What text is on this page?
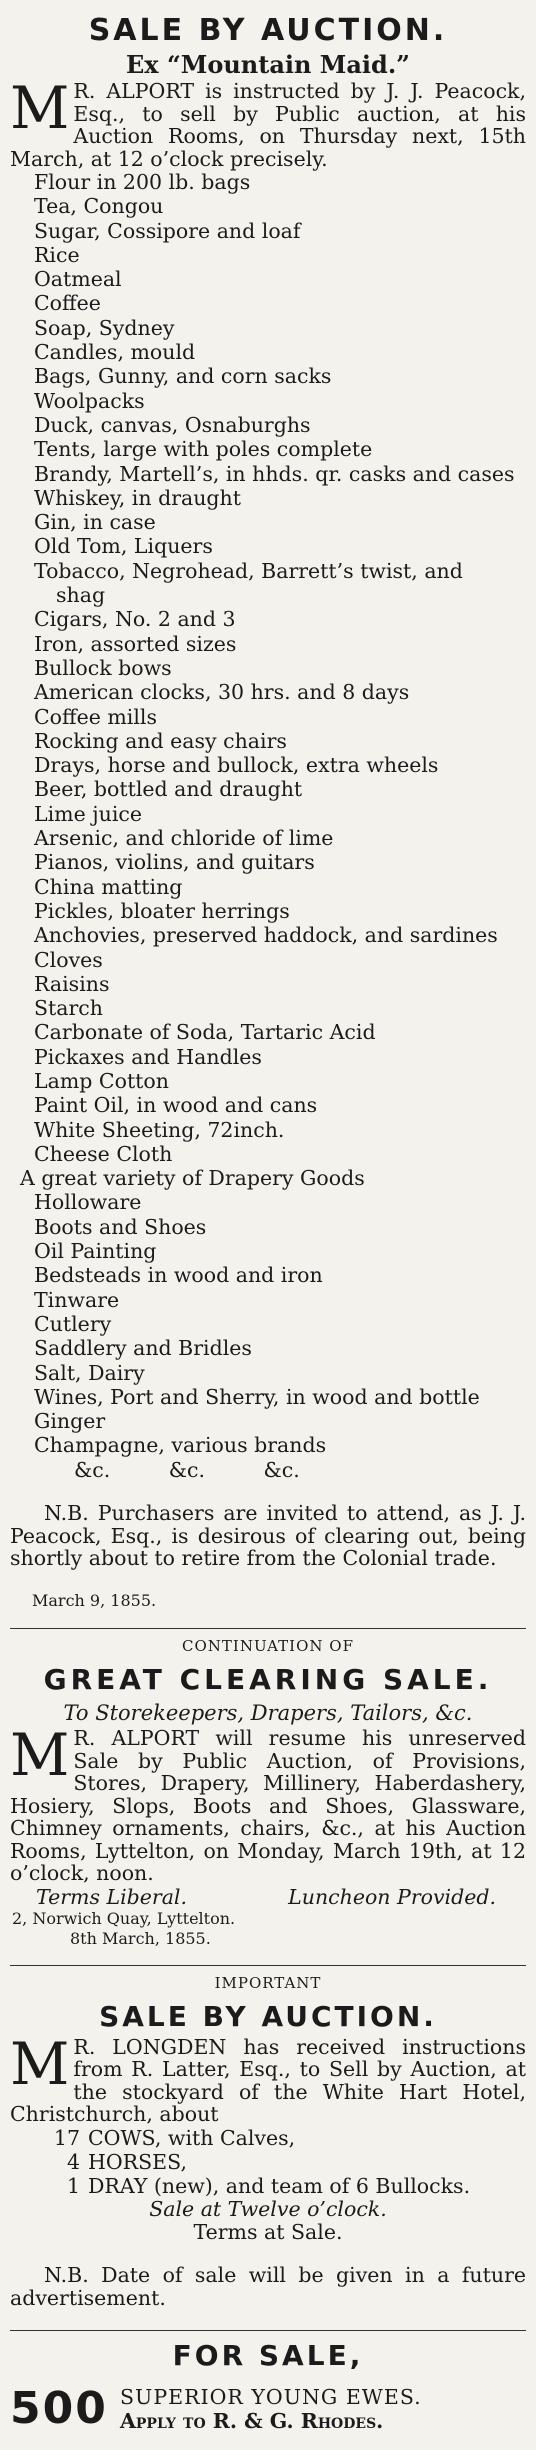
SALE BY AUCTION.
Ex “Mountain Maid.”

M R. ALPORT is instructed by J. J. Peacock, Esq., to sell by Public auction, at his Auction Rooms, on Thursday next, 15th March, at 12 o’clock precisely.

Flour in 200 lb. bags
Tea, Congou
Sugar, Cossipore and loaf
Rice
Oatmeal
Coffee
Soap, Sydney
Candles, mould
Bags, Gunny, and corn sacks
Woolpacks
Duck, canvas, Osnaburghs
Tents, large with poles complete
Brandy, Martell’s, in hhds. qr. casks and cases
Whiskey, in draught
Gin, in case
Old Tom, Liquers
Tobacco, Negrohead, Barrett’s twist, and
shag
Cigars, No. 2 and 3
Iron, assorted sizes
Bullock bows
American clocks, 30 hrs. and 8 days
Coffee mills
Rocking and easy chairs
Drays, horse and bullock, extra wheels
Beer, bottled and draught
Lime juice
Arsenic, and chloride of lime
Pianos, violins, and guitars
China matting
Pickles, bloater herrings
Anchovies, preserved haddock, and sardines
Cloves
Raisins
Starch
Carbonate of Soda, Tartaric Acid
Pickaxes and Handles
Lamp Cotton
Paint Oil, in wood and cans
White Sheeting, 72inch.
Cheese Cloth
A great variety of Drapery Goods
Holloware
Boots and Shoes
Oil Painting
Bedsteads in wood and iron
Tinware
Cutlery
Saddlery and Bridles
Salt, Dairy
Wines, Port and Sherry, in wood and bottle
Ginger
Champagne, various brands
&c. &c. &c.

N.B. Purchasers are invited to attend, as J. J. Peacock, Esq., is desirous of clearing out, being shortly about to retire from the Colonial trade.

March 9, 1855.
CONTINUATION OF
GREAT CLEARING SALE.
To Storekeepers, Drapers, Tailors, &c.

M R. ALPORT will resume his unreserved Sale by Public Auction, of Provisions, Stores, Drapery, Millinery, Haberdashery, Hosiery, Slops, Boots and Shoes, Glassware, Chimney ornaments, chairs, &c., at his Auction Rooms, Lyttelton, on Monday, March 19th, at 12 o’clock, noon.

Terms Liberal.	Luncheon Provided.
2, Norwich Quay, Lyttelton.
8th March, 1855.
IMPORTANT
SALE BY AUCTION.

M R. LONGDEN has received instructions from R. Latter, Esq., to Sell by Auction, at the stockyard of the White Hart Hotel, Christchurch, about

17 COWS, with Calves,
4 HORSES,
1 DRAY (new), and team of 6 Bullocks.
Sale at Twelve o’clock.
Terms at Sale.

N.B. Date of sale will be given in a future advertisement.

FOR SALE,
500 SUPERIOR YOUNG EWES.
Apply to R. & G. Rhodes.
